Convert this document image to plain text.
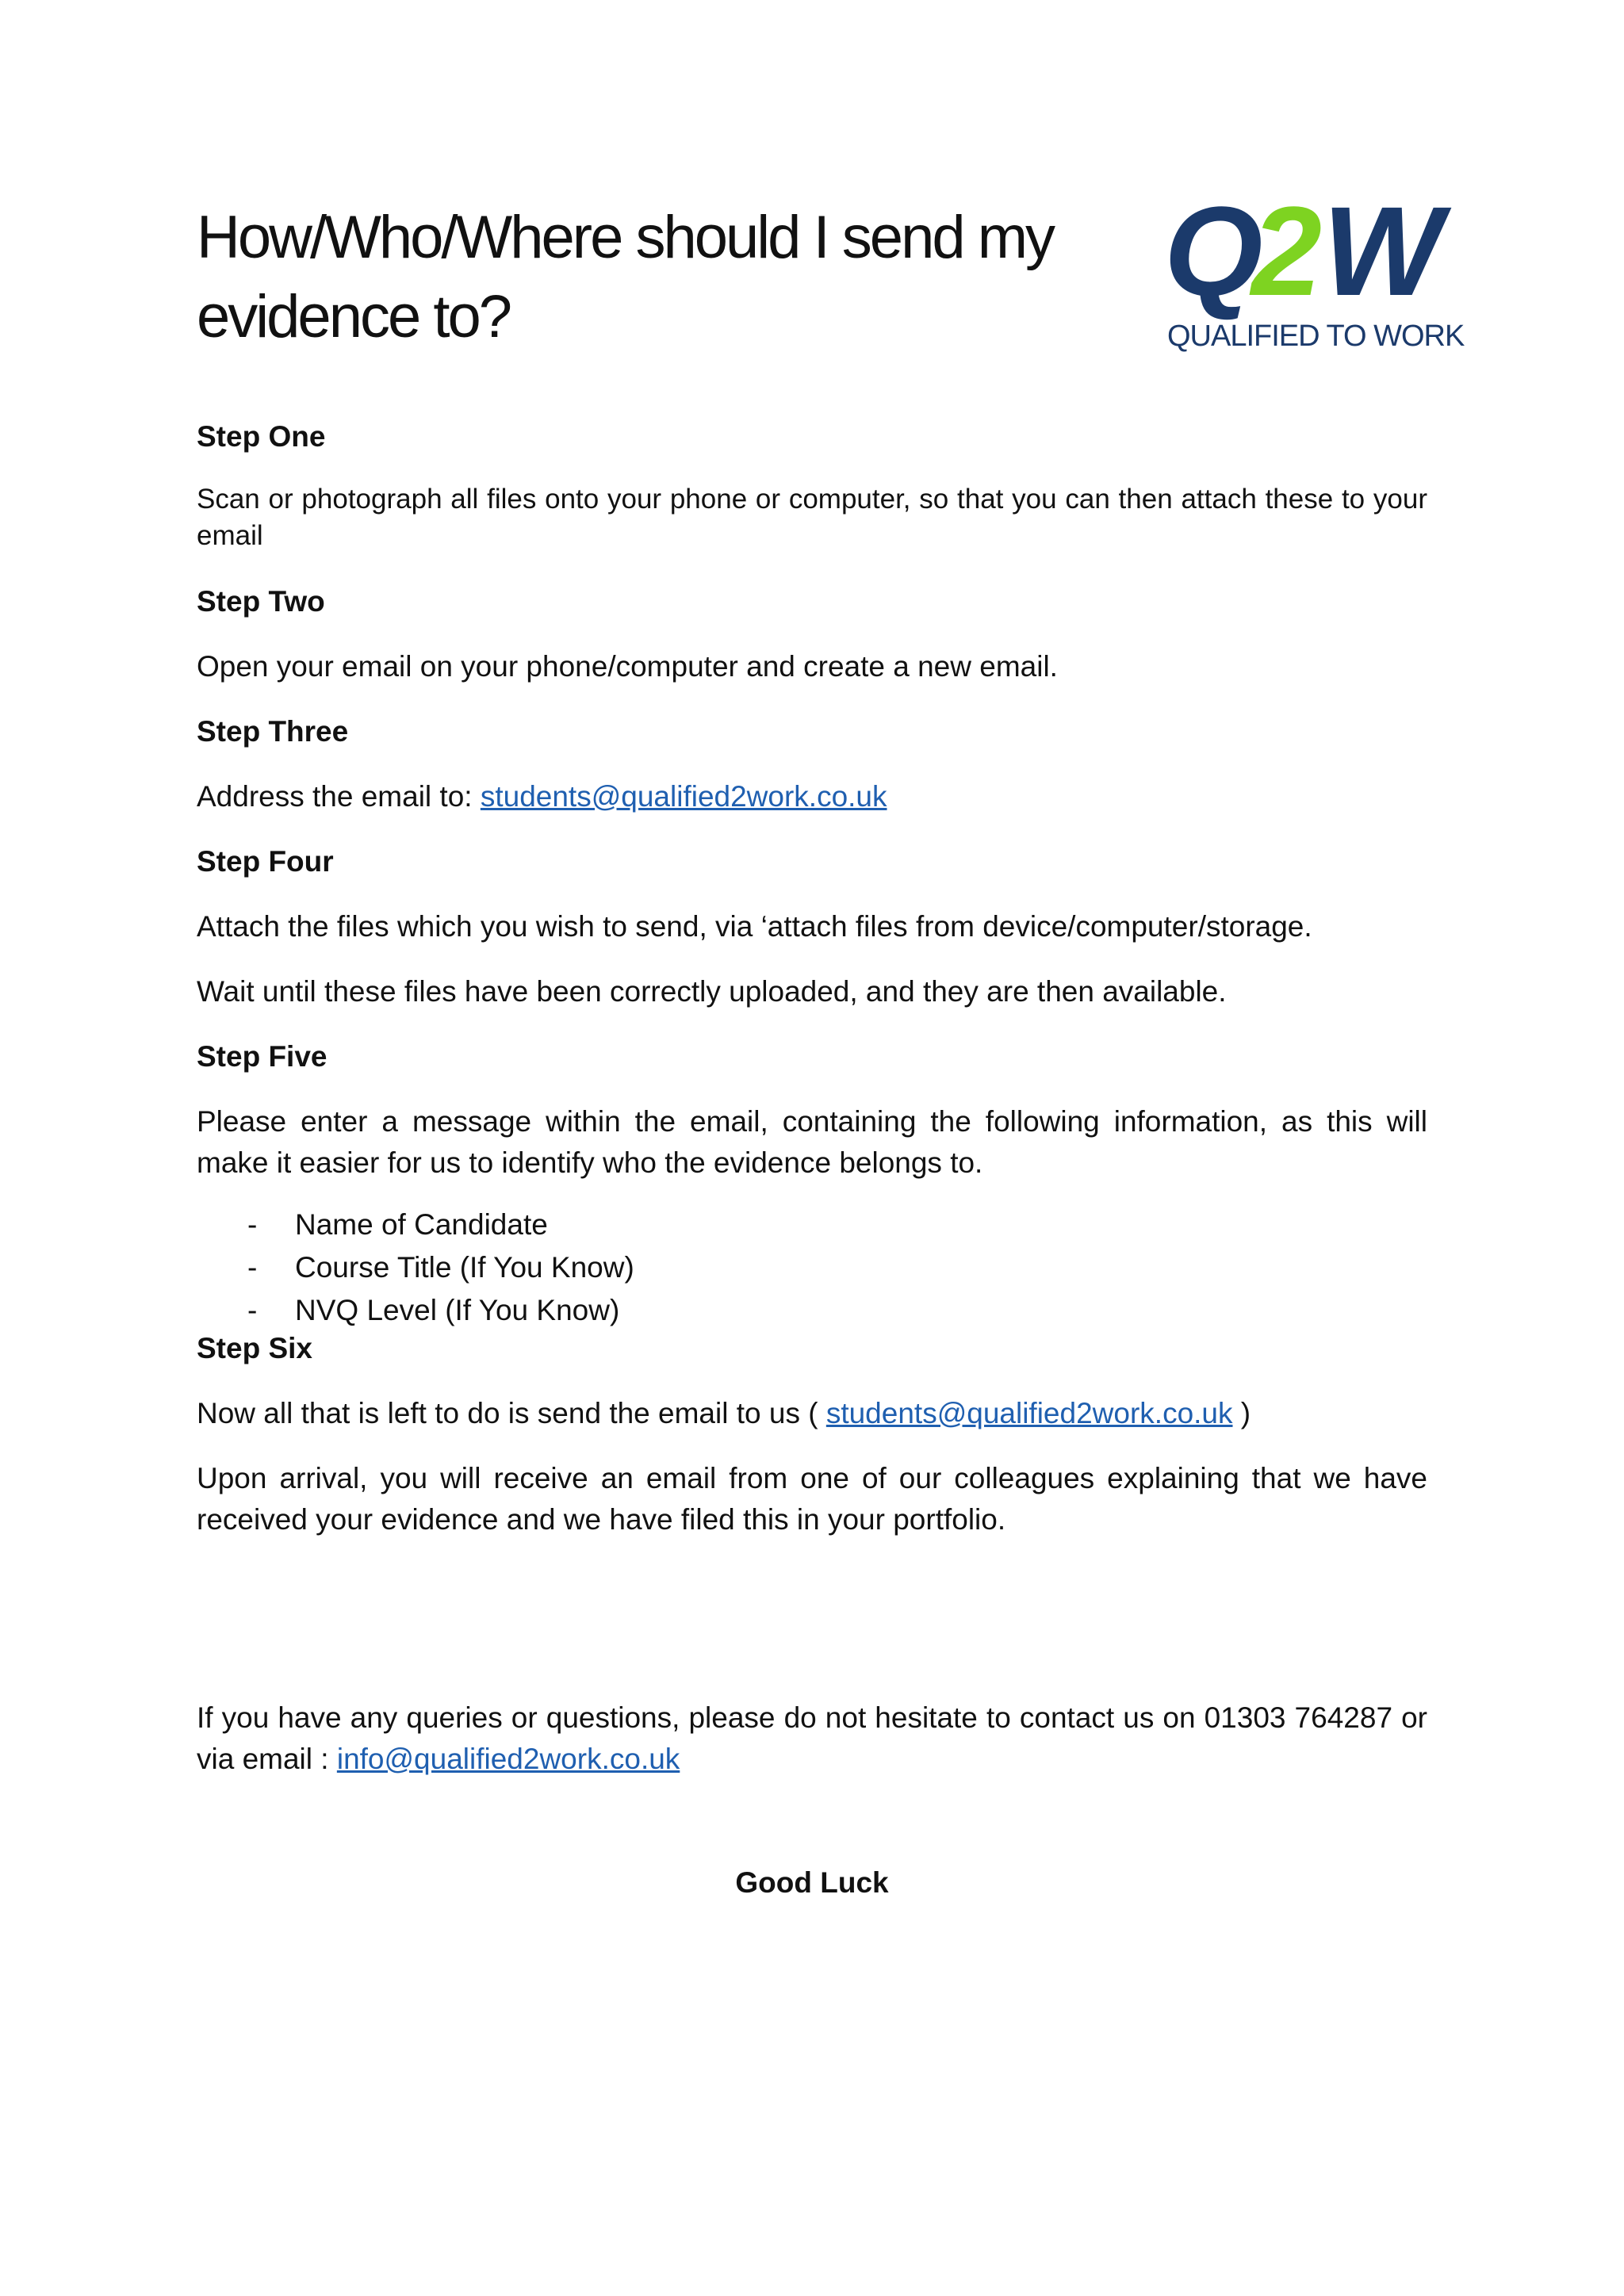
How/Who/Where should I send my evidence to?	Q
2 W
QUALIFIED TO WORK

Step One

Scan or photograph all files onto your phone or computer, so that you can then attach these to your email

Step Two

Open your email on your phone/computer and create a new email.

Step Three

Address the email to: students@qualified2work.co.uk

Step Four

Attach the files which you wish to send, via ‘attach files from device/computer/storage.

Wait until these files have been correctly uploaded, and they are then available.

Step Five

Please enter a message within the email, containing the following information, as this will make it easier for us to identify who the evidence belongs to.

- Name of Candidate
- Course Title (If You Know)
- NVQ Level (If You Know)

Step Six

Now all that is left to do is send the email to us ( students@qualified2work.co.uk )

Upon arrival, you will receive an email from one of our colleagues explaining that we have received your evidence and we have filed this in your portfolio.

If you have any queries or questions, please do not hesitate to contact us on 01303 764287 or via email : info@qualified2work.co.uk

Good Luck
